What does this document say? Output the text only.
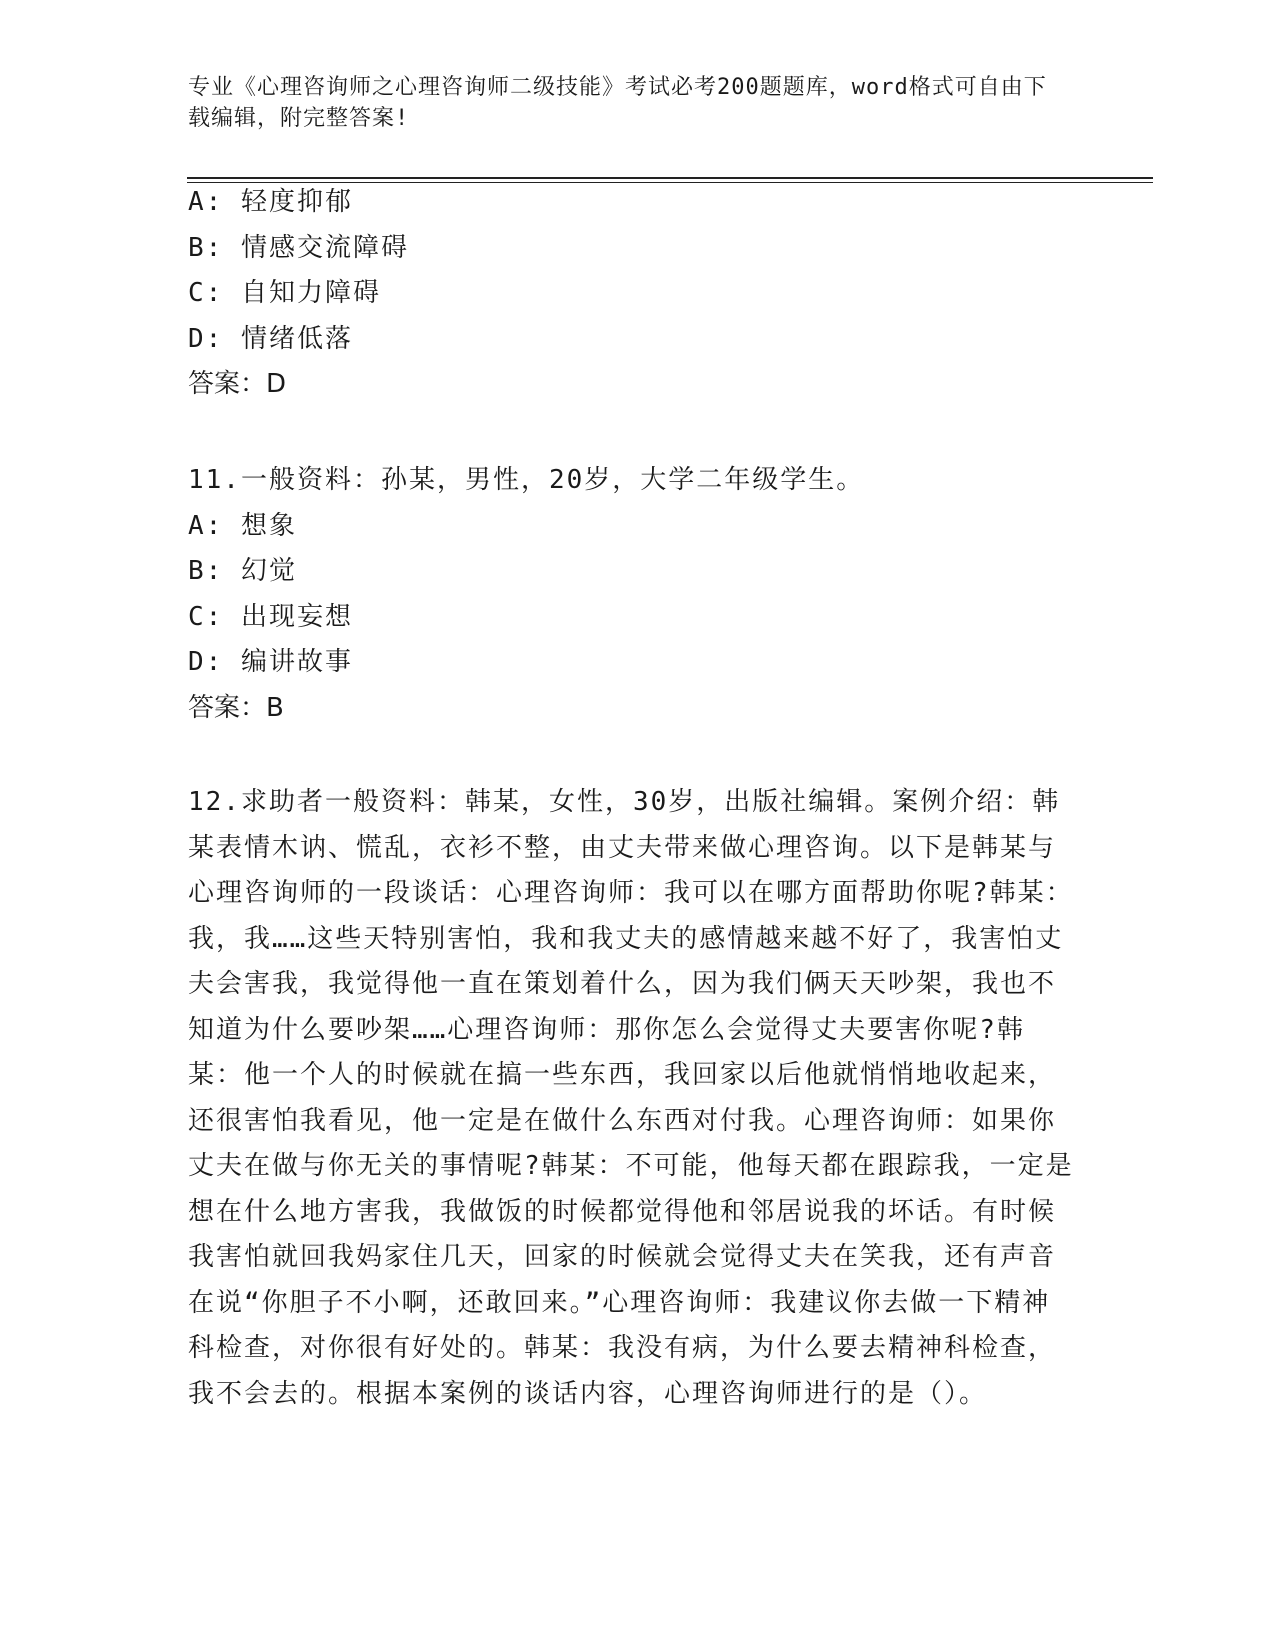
专业《心理咨询师之心理咨询师二级技能》考试必考200题题库，word格式可自由下载编辑，附完整答案!
A: 轻度抑郁
B: 情感交流障碍
C: 自知力障碍
D: 情绪低落
答案：D
11.一般资料：孙某，男性，20岁，大学二年级学生。
A: 想象
B: 幻觉
C: 出现妄想
D: 编讲故事
答案：B
12.求助者一般资料：韩某，女性，30岁，出版社编辑。案例介绍：韩某表情木讷、慌乱，衣衫不整，由丈夫带来做心理咨询。以下是韩某与心理咨询师的一段谈话：心理咨询师：我可以在哪方面帮助你呢?韩某：我，我……这些天特别害怕，我和我丈夫的感情越来越不好了，我害怕丈夫会害我，我觉得他一直在策划着什么，因为我们俩天天吵架，我也不知道为什么要吵架……心理咨询师：那你怎么会觉得丈夫要害你呢?韩某：他一个人的时候就在搞一些东西，我回家以后他就悄悄地收起来，还很害怕我看见，他一定是在做什么东西对付我。心理咨询师：如果你丈夫在做与你无关的事情呢?韩某：不可能，他每天都在跟踪我，一定是想在什么地方害我，我做饭的时候都觉得他和邻居说我的坏话。有时候我害怕就回我妈家住几天，回家的时候就会觉得丈夫在笑我，还有声音在说“你胆子不小啊，还敢回来。”心理咨询师：我建议你去做一下精神科检查，对你很有好处的。韩某：我没有病，为什么要去精神科检查，我不会去的。根据本案例的谈话内容，心理咨询师进行的是（）。
